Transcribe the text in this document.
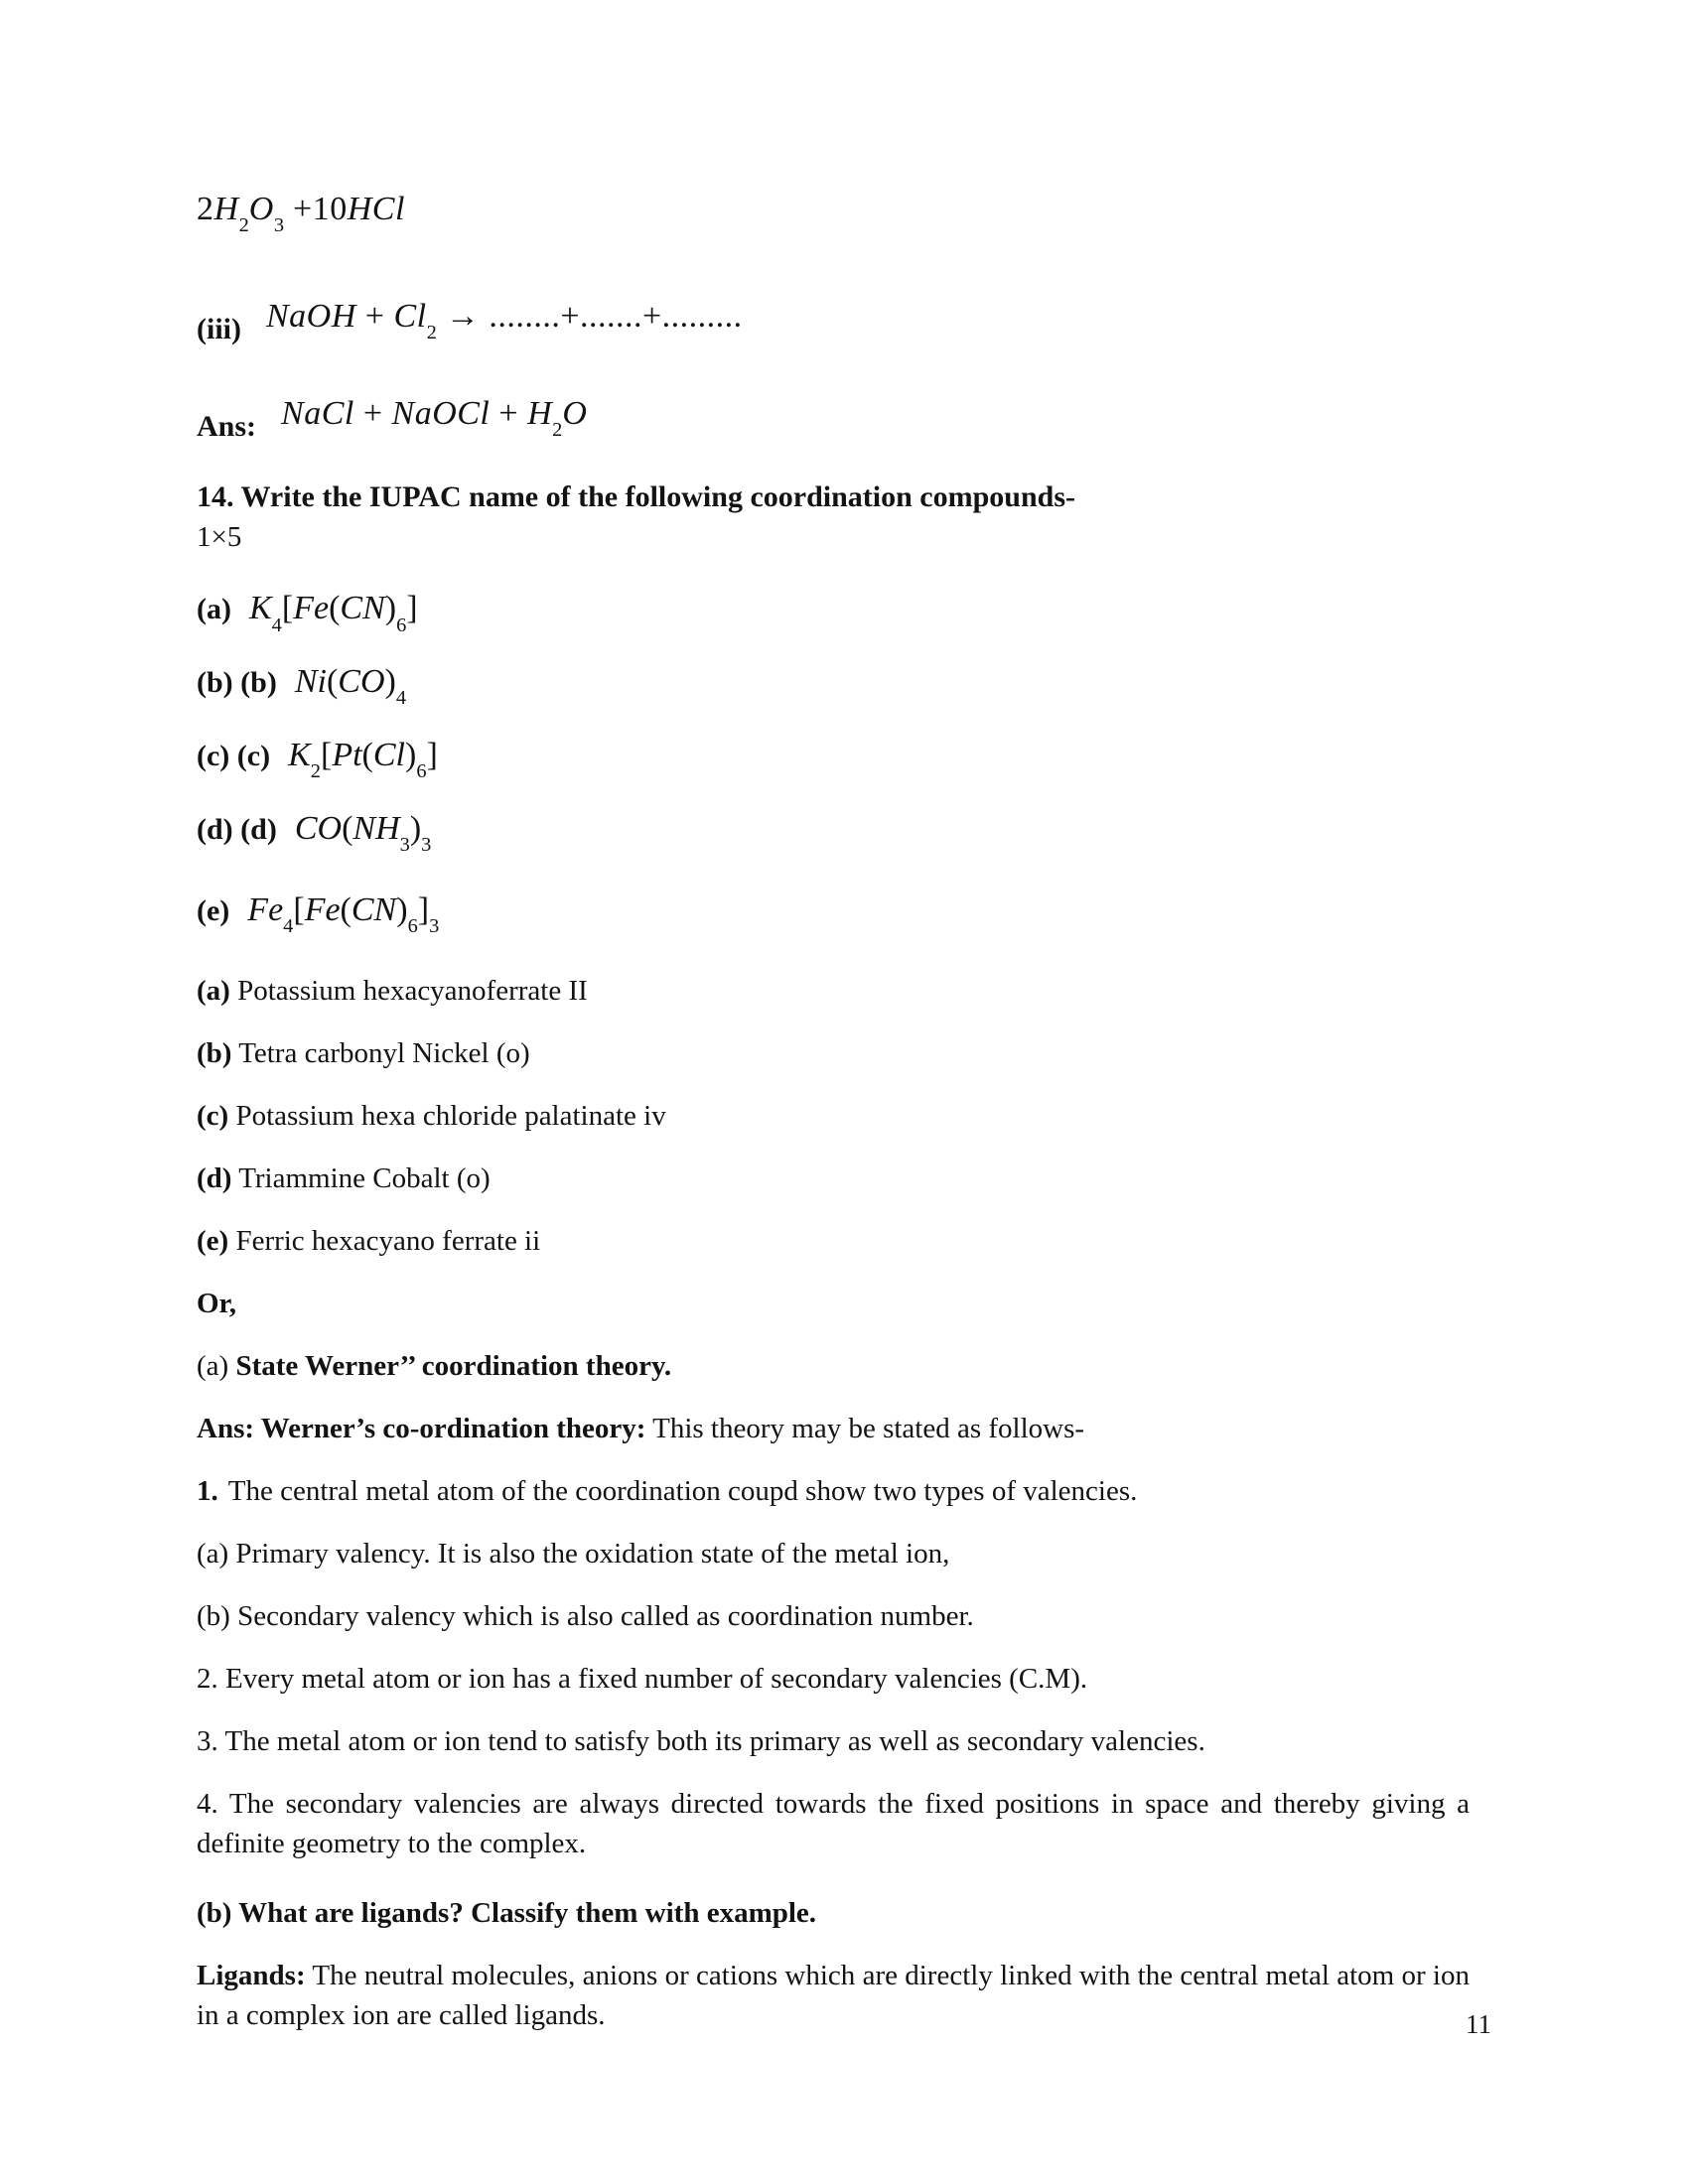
$2H_2O_3 +10HCl$
(iii) NaOH + $Cl_2$ → ........+.......+.........
Ans: NaCl + NaOCl + $H_2O$

14. Write the IUPAC name of the following coordination compounds-

1×5

(a) $K_4[Fe(CN)_6]$
(b) (b) $Ni(CO)_4$
(c) (c) $K_2[Pt(Cl)_6]$
(d) (d) $CO(NH_3)_3$
(e) $Fe_4[Fe(CN)_6]_3$

(a) Potassium hexacyanoferrate II

(b) Tetra carbonyl Nickel (o)

(c) Potassium hexa chloride palatinate iv

(d) Triammine Cobalt (o)

(e) Ferric hexacyano ferrate ii

Or,

(a) State Werner’’ coordination theory.

Ans: Werner’s co-ordination theory: This theory may be stated as follows-

1. The central metal atom of the coordination coupd show two types of valencies.

(a) Primary valency. It is also the oxidation state of the metal ion,

(b) Secondary valency which is also called as coordination number.

2. Every metal atom or ion has a fixed number of secondary valencies (C.M).

3. The metal atom or ion tend to satisfy both its primary as well as secondary valencies.

4. The secondary valencies are always directed towards the fixed positions in space and thereby giving a definite geometry to the complex.

(b) What are ligands? Classify them with example.

Ligands: The neutral molecules, anions or cations which are directly linked with the central metal atom or ion in a complex ion are called ligands.	11
